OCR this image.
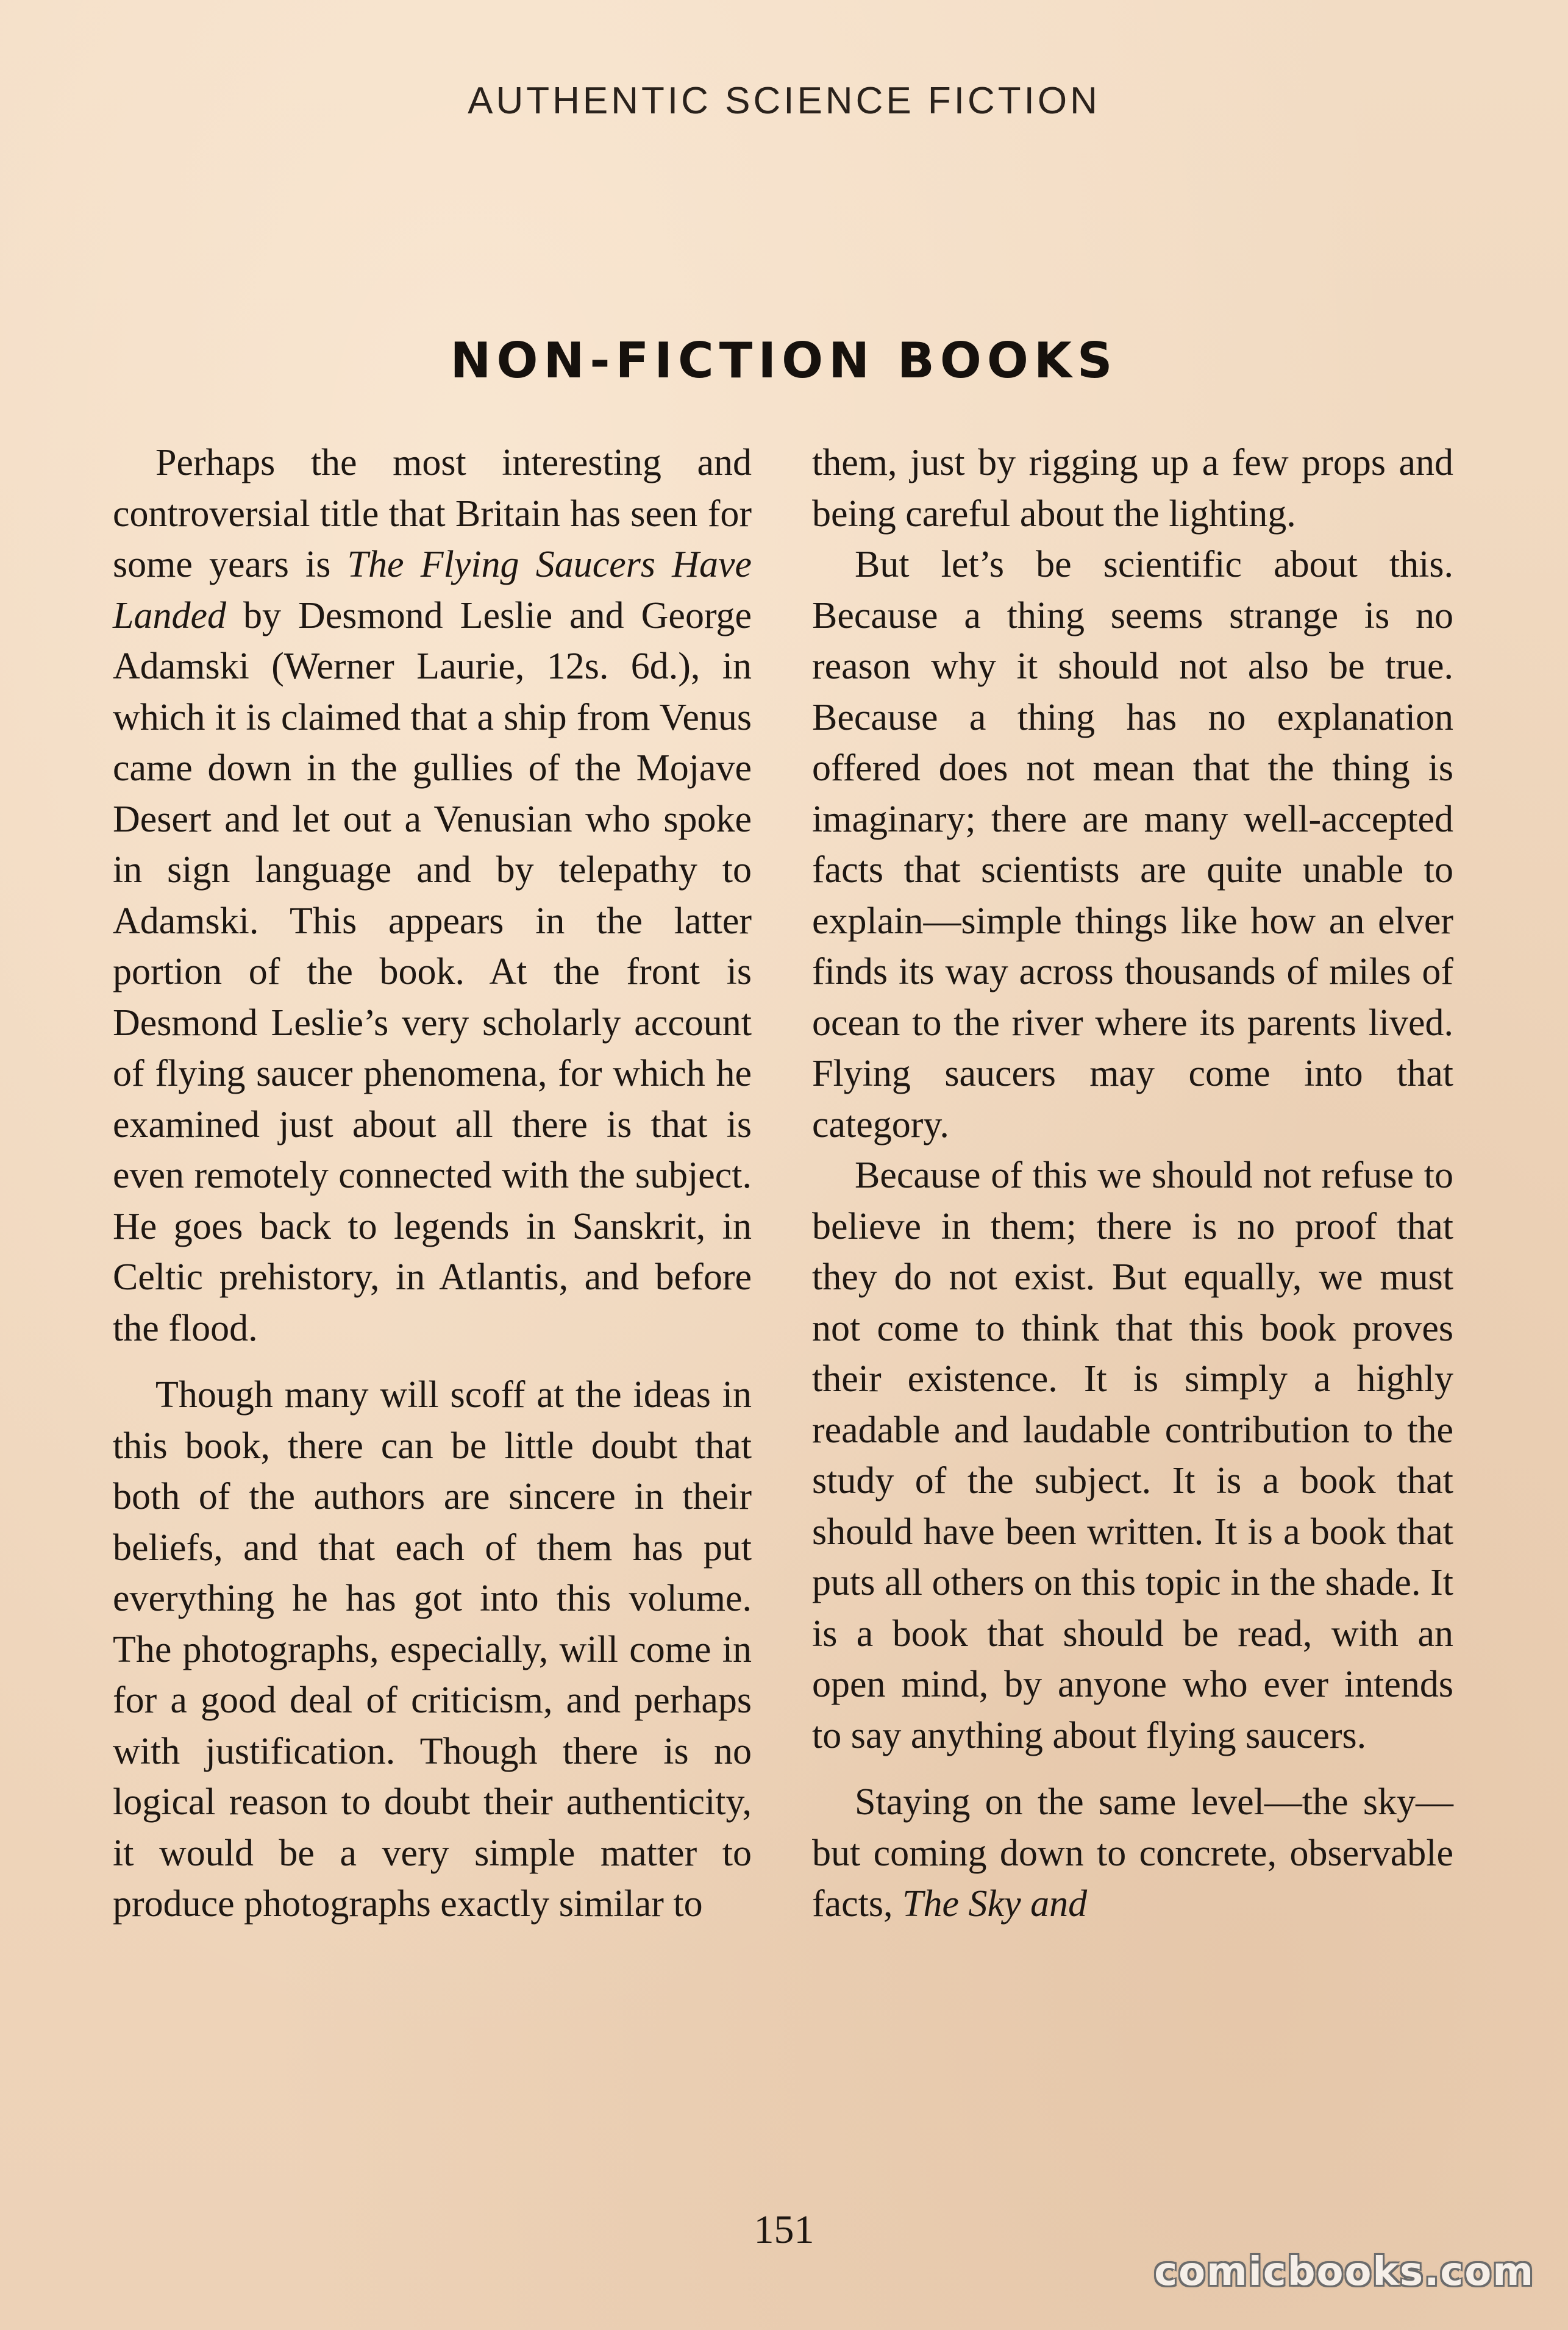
AUTHENTIC SCIENCE FICTION
NON-FICTION BOOKS

Perhaps the most interesting and controversial title that Britain has seen for some years is The Flying Saucers Have Landed by Desmond Leslie and George Adamski (Werner Laurie, 12s. 6d.), in which it is claimed that a ship from Venus came down in the gullies of the Mojave Desert and let out a Venusian who spoke in sign language and by telepathy to Adamski. This appears in the latter portion of the book. At the front is Desmond Leslie’s very scholarly account of flying saucer phenomena, for which he examined just about all there is that is even remotely connected with the subject. He goes back to legends in Sanskrit, in Celtic prehistory, in Atlantis, and before the flood.

Though many will scoff at the ideas in this book, there can be little doubt that both of the authors are sincere in their beliefs, and that each of them has put everything he has got into this volume. The photographs, especially, will come in for a good deal of criticism, and perhaps with justification. Though there is no logical reason to doubt their authenticity, it would be a very simple matter to produce photographs exactly similar to

them, just by rigging up a few props and being careful about the lighting.

But let’s be scientific about this. Because a thing seems strange is no reason why it should not also be true. Because a thing has no explanation offered does not mean that the thing is imaginary; there are many well-accepted facts that scientists are quite unable to explain—simple things like how an elver finds its way across thousands of miles of ocean to the river where its parents lived. Flying saucers may come into that category.

Because of this we should not refuse to believe in them; there is no proof that they do not exist. But equally, we must not come to think that this book proves their existence. It is simply a highly readable and laudable contribution to the study of the subject. It is a book that should have been written. It is a book that puts all others on this topic in the shade. It is a book that should be read, with an open mind, by anyone who ever intends to say anything about flying saucers.

Staying on the same level—the sky—but coming down to concrete, observable facts, The Sky and

151
comicbooks.com
